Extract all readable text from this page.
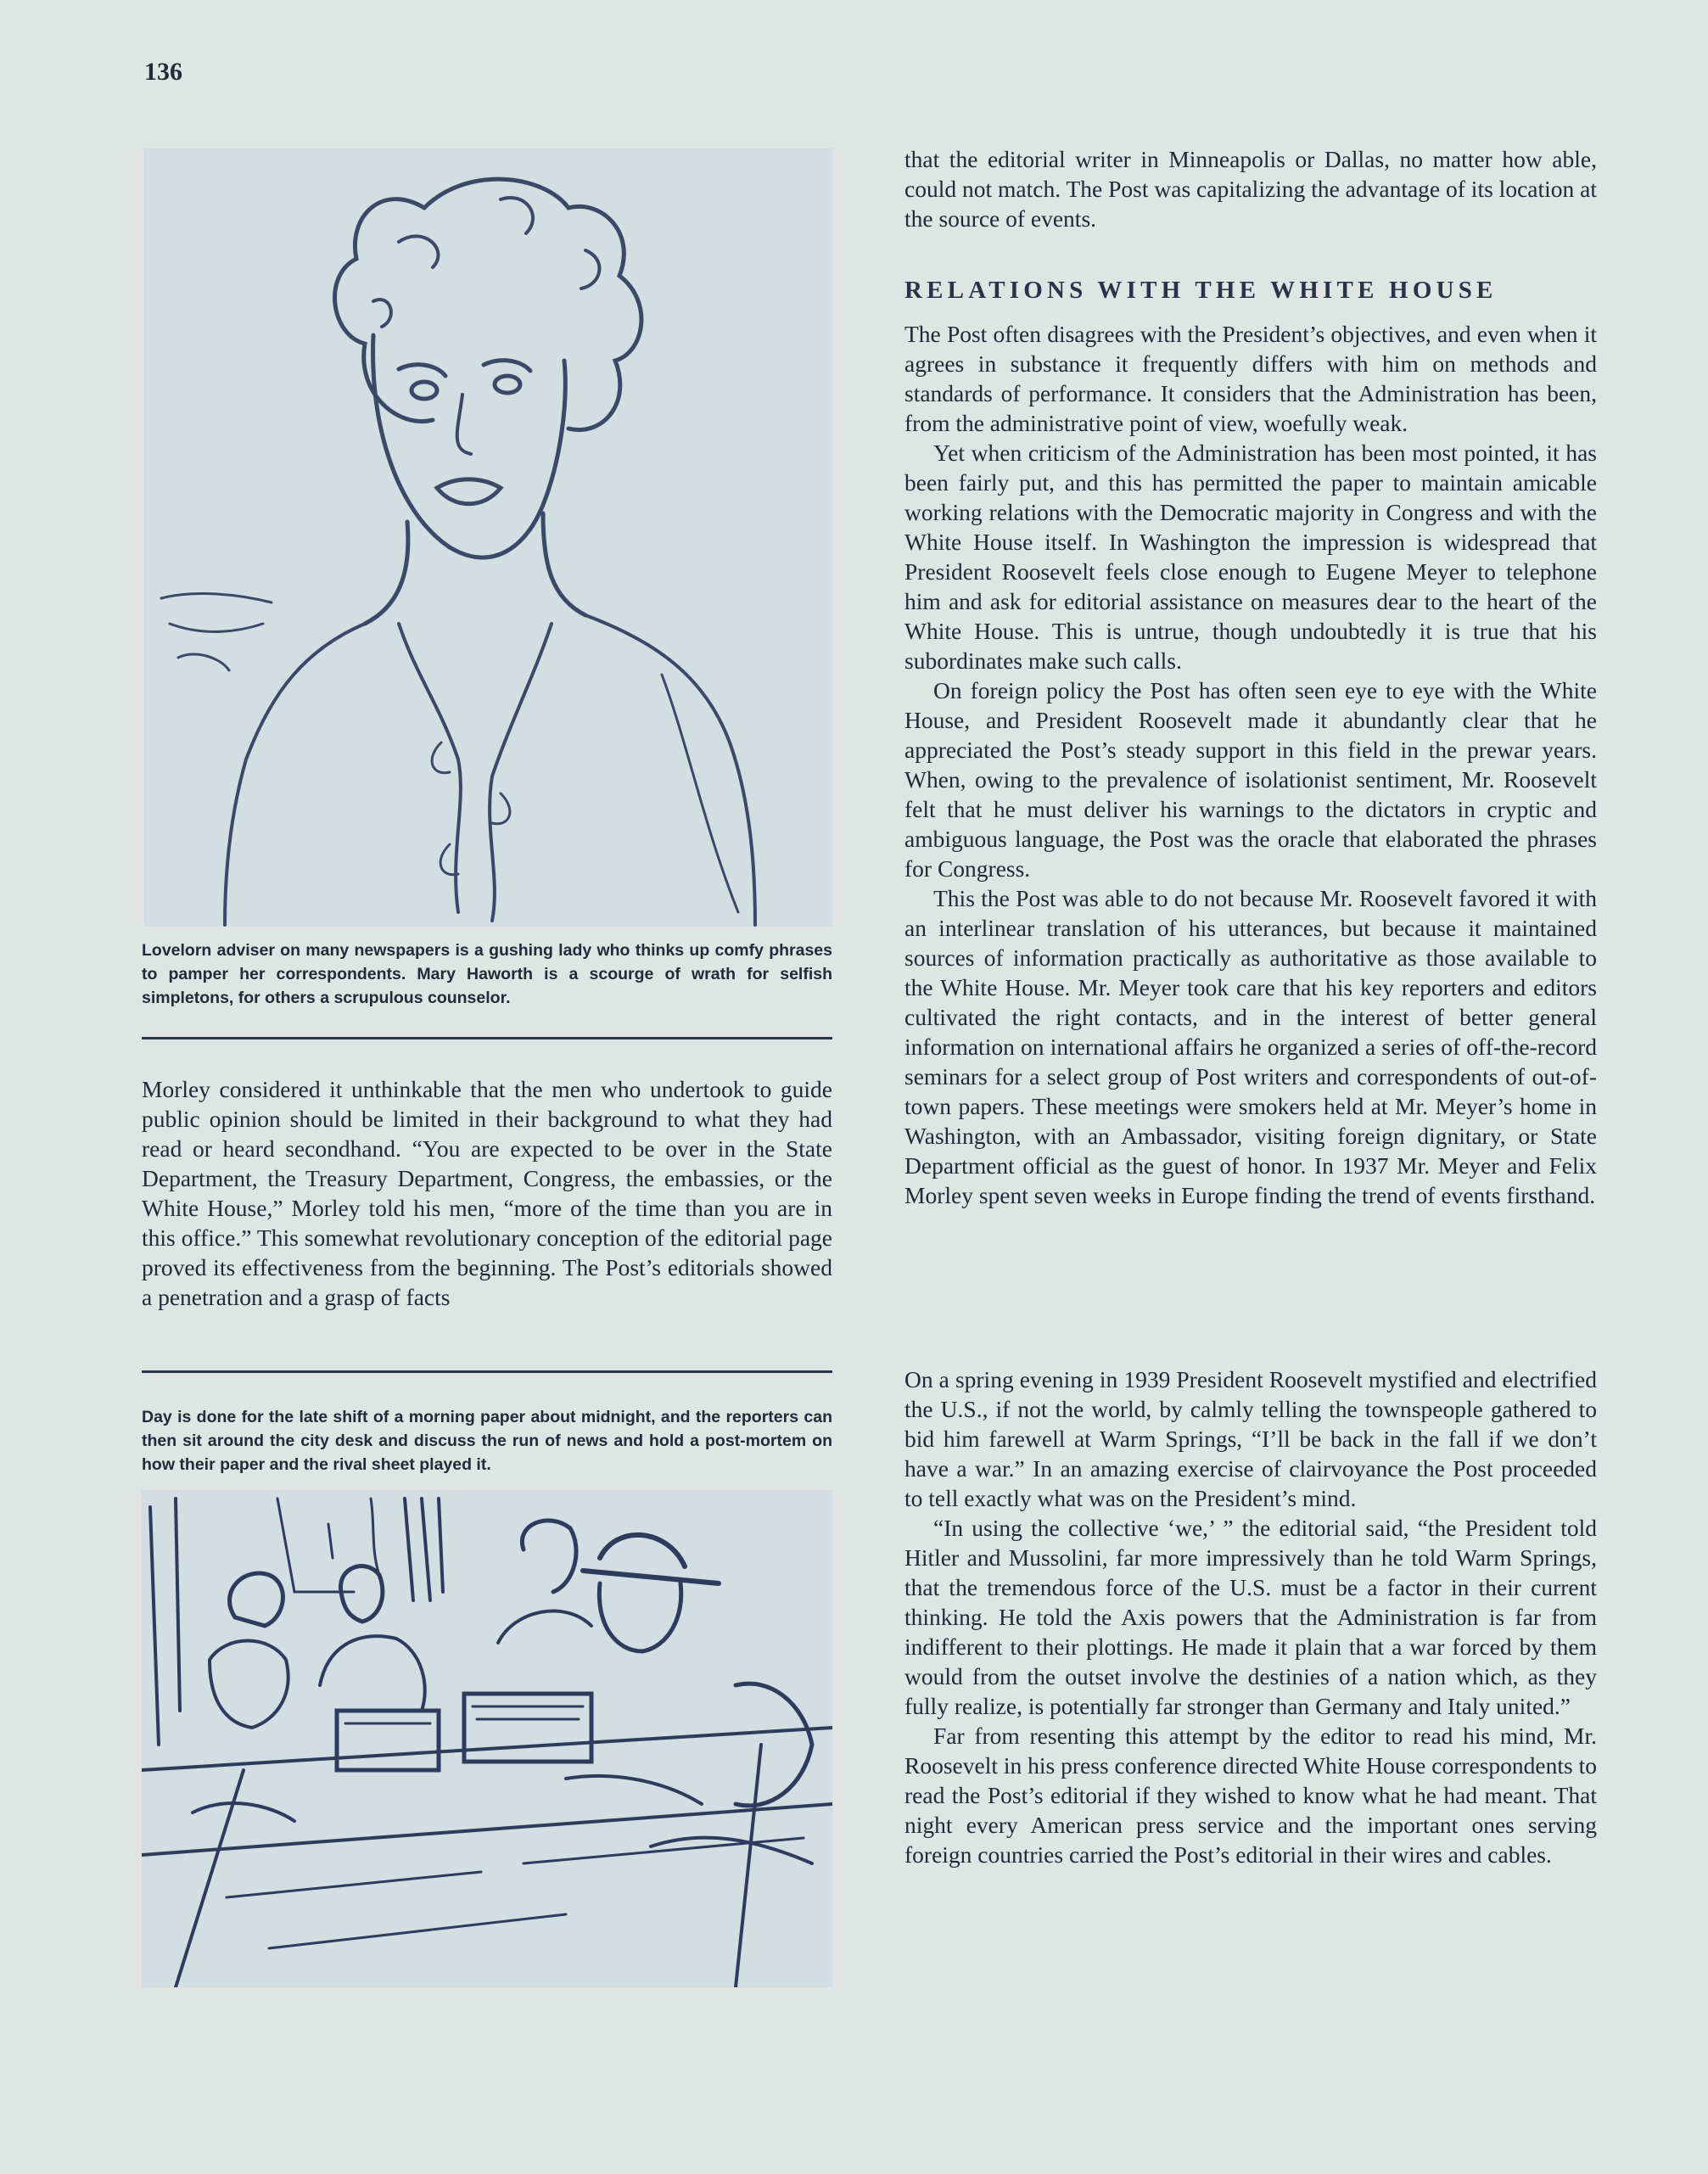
136
Lovelorn adviser on many newspapers is a gushing lady who thinks up comfy phrases to pamper her correspondents. Mary Haworth is a scourge of wrath for selfish simpletons, for others a scrupulous counselor.

Morley considered it unthinkable that the men who undertook to guide public opinion should be limited in their background to what they had read or heard secondhand. “You are expected to be over in the State Department, the Treasury Department, Congress, the embassies, or the White House,” Morley told his men, “more of the time than you are in this office.” This somewhat revolutionary conception of the editorial page proved its effectiveness from the beginning. The Post’s editorials showed a penetration and a grasp of facts

Day is done for the late shift of a morning paper about midnight, and the reporters can then sit around the city desk and discuss the run of news and hold a post-mortem on how their paper and the rival sheet played it.

that the editorial writer in Minneapolis or Dallas, no matter how able, could not match. The Post was capitalizing the advantage of its location at the source of events.

RELATIONS WITH THE WHITE HOUSE

The Post often disagrees with the President’s objectives, and even when it agrees in substance it frequently differs with him on methods and standards of performance. It considers that the Administration has been, from the administrative point of view, woefully weak.

Yet when criticism of the Administration has been most pointed, it has been fairly put, and this has permitted the paper to maintain amicable working relations with the Democratic majority in Congress and with the White House itself. In Washington the impression is widespread that President Roosevelt feels close enough to Eugene Meyer to telephone him and ask for editorial assistance on measures dear to the heart of the White House. This is untrue, though undoubtedly it is true that his subordinates make such calls.

On foreign policy the Post has often seen eye to eye with the White House, and President Roosevelt made it abundantly clear that he appreciated the Post’s steady support in this field in the prewar years. When, owing to the prevalence of isolationist sentiment, Mr. Roosevelt felt that he must deliver his warnings to the dictators in cryptic and ambiguous language, the Post was the oracle that elaborated the phrases for Congress.

This the Post was able to do not because Mr. Roosevelt favored it with an interlinear translation of his utterances, but because it maintained sources of information practically as authoritative as those available to the White House. Mr. Meyer took care that his key reporters and editors cultivated the right contacts, and in the interest of better general information on international affairs he organized a series of off-the-record seminars for a select group of Post writers and correspondents of out-of-town papers. These meetings were smokers held at Mr. Meyer’s home in Washington, with an Ambassador, visiting foreign dignitary, or State Department official as the guest of honor. In 1937 Mr. Meyer and Felix Morley spent seven weeks in Europe finding the trend of events firsthand.

On a spring evening in 1939 President Roosevelt mystified and electrified the U.S., if not the world, by calmly telling the townspeople gathered to bid him farewell at Warm Springs, “I’ll be back in the fall if we don’t have a war.” In an amazing exercise of clairvoyance the Post proceeded to tell exactly what was on the President’s mind.

“In using the collective ‘we,’ ” the editorial said, “the President told Hitler and Mussolini, far more impressively than he told Warm Springs, that the tremendous force of the U.S. must be a factor in their current thinking. He told the Axis powers that the Administration is far from indifferent to their plottings. He made it plain that a war forced by them would from the outset involve the destinies of a nation which, as they fully realize, is potentially far stronger than Germany and Italy united.”

Far from resenting this attempt by the editor to read his mind, Mr. Roosevelt in his press conference directed White House correspondents to read the Post’s editorial if they wished to know what he had meant. That night every American press service and the important ones serving foreign countries carried the Post’s editorial in their wires and cables.
